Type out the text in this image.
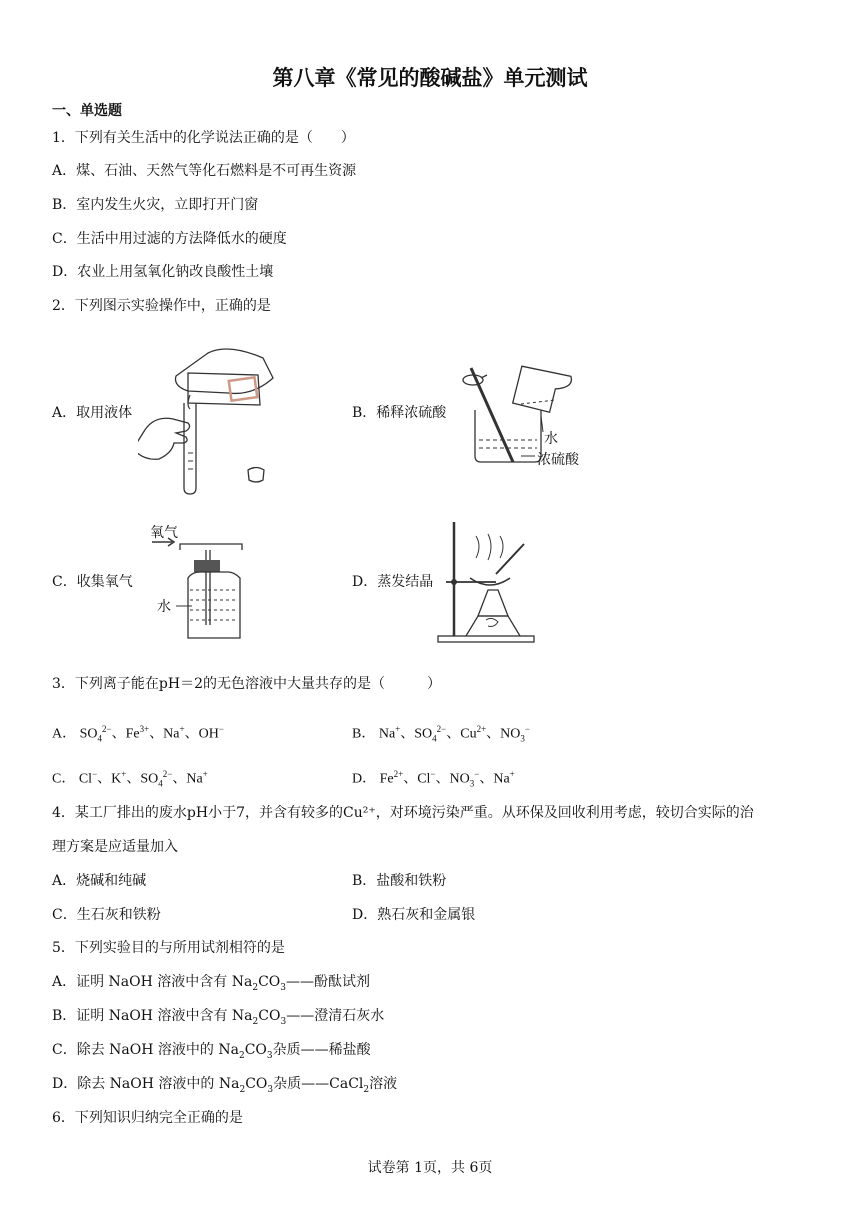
第八章《常见的酸碱盐》单元测试
一、单选题
1．下列有关生活中的化学说法正确的是（　　）
A．煤、石油、天然气等化石燃料是不可再生资源
B．室内发生火灾，立即打开门窗
C．生活中用过滤的方法降低水的硬度
D．农业上用氢氧化钠改良酸性土壤
2．下列图示实验操作中，正确的是
A．取用液体	B．稀释浓硫酸
C．收集氧气	D．蒸发结晶
水
浓硫酸
氧气
水
3．下列离子能在pH＝2的无色溶液中大量共存的是（　　　）
A． $SO_4^{2-}$、$Fe^{3+}$、Na+、OH−	B． Na+、$SO_4^{2-}$、$Cu^{2+}$、$NO_3^-$
C． Cl−、K+、$SO_4^{2-}$、Na+	D． $Fe^{2+}$、Cl−、$NO_3^-$、Na+
4．某工厂排出的废水pH小于7，并含有较多的Cu²⁺，对环境污染严重。从环保及回收利用考虑，较切合实际的治
理方案是应适量加入
A．烧碱和纯碱	B．盐酸和铁粉
C．生石灰和铁粉	D．熟石灰和金属银
5．下列实验目的与所用试剂相符的是
A．证明 NaOH 溶液中含有 $Na_2CO_3——$酚酞试剂
B．证明 NaOH 溶液中含有 $Na_2CO_3——$澄清石灰水
C．除去 NaOH 溶液中的 $Na_2CO_3$杂质——稀盐酸
D．除去 NaOH 溶液中的 $Na_2CO_3$杂质——CaCl$_2$溶液
6．下列知识归纳完全正确的是
试卷第 1页，共 6页
